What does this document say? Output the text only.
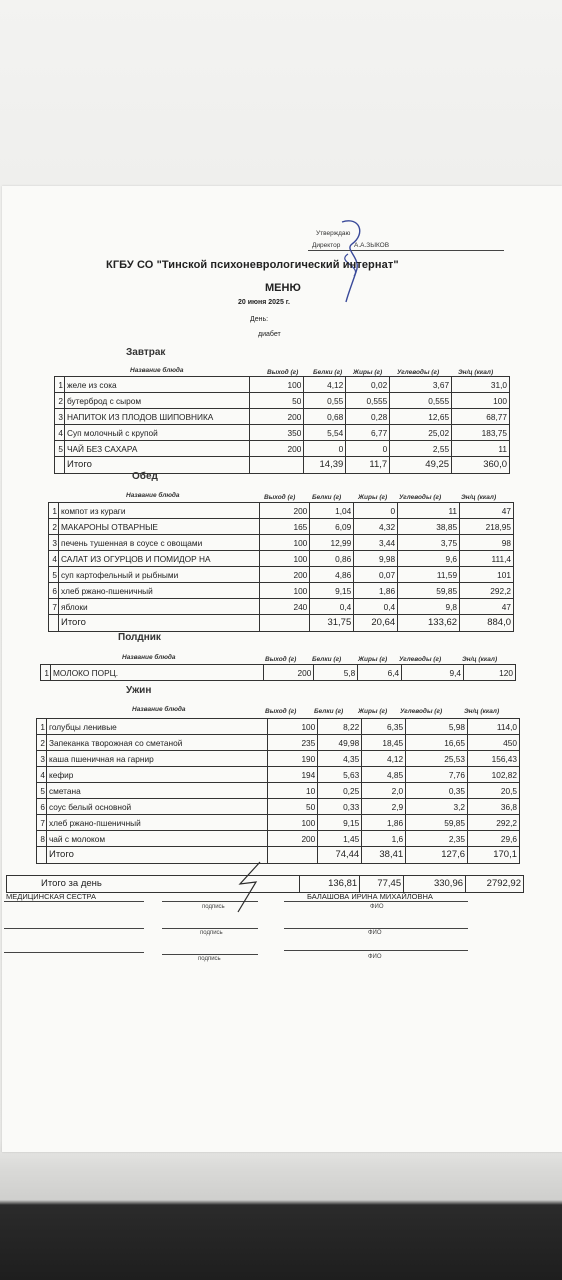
Утверждаю
Директор А.А.ЗЫКОВ
КГБУ СО "Тинской психоневрологический интернат"
МЕНЮ
20 июня 2025 г.
День:
диабет
Завтрак
Название блюда	Выход (г) Белки (г) Жиры (г) Углеводы (г)	Эн/ц (ккал)
1	желе из сока	100	4,12	0,02	3,67	31,0
2	бутерброд с сыром	50	0,55	0,555	0,555	100
3	НАПИТОК ИЗ ПЛОДОВ ШИПОВНИКА	200	0,68	0,28	12,65	68,77
4	Суп молочный с крупой	350	5,54	6,77	25,02	183,75
5	ЧАЙ БЕЗ САХАРА	200	0	0	2,55	11
	Итого		14,39	11,7	49,25	360,0
Обед
Название блюда	Выход (г)	Белки (г)	Жиры (г) Углеводы (г)	Эн/ц (ккал)
1	компот из кураги	200	1,04	0	11	47
2	МАКАРОНЫ ОТВАРНЫЕ	165	6,09	4,32	38,85	218,95
3	печень тушенная в соусе с овощами	100	12,99	3,44	3,75	98
4	САЛАТ ИЗ ОГУРЦОВ И ПОМИДОР НА	100	0,86	9,98	9,6	111,4
5	суп картофельный и рыбными	200	4,86	0,07	11,59	101
6	хлеб ржано-пшеничный	100	9,15	1,86	59,85	292,2
7	яблоки	240	0,4	0,4	9,8	47
	Итого		31,75	20,64	133,62	884,0
Полдник
Название блюда	Выход (г) Белки (г)	Жиры (г) Углеводы (г)	Эн/ц (ккал)
1	МОЛОКО ПОРЦ.	200	5,8	6,4	9,4	120
Ужин
Название блюда	Выход (г)	Белки (г) Жиры (г) Углеводы (г)	Эн/ц (ккал)
1	голубцы ленивые	100	8,22	6,35	5,98	114,0
2	Запеканка творожная со сметаной	235	49,98	18,45	16,65	450
3	каша пшеничная на гарнир	190	4,35	4,12	25,53	156,43
4	кефир	194	5,63	4,85	7,76	102,82
5	сметана	10	0,25	2,0	0,35	20,5
6	соус белый основной	50	0,33	2,9	3,2	36,8
7	хлеб ржано-пшеничный	100	9,15	1,86	59,85	292,2
8	чай с молоком	200	1,45	1,6	2,35	29,6
	Итого		74,44	38,41	127,6	170,1
Итого за день	136,81	77,45	330,96	2792,92
МЕДИЦИНСКАЯ СЕСТРА	БАЛАШОВА ИРИНА МИХАЙЛОВНА
подпись	ФИО
подпись	ФИО
подпись	ФИО
